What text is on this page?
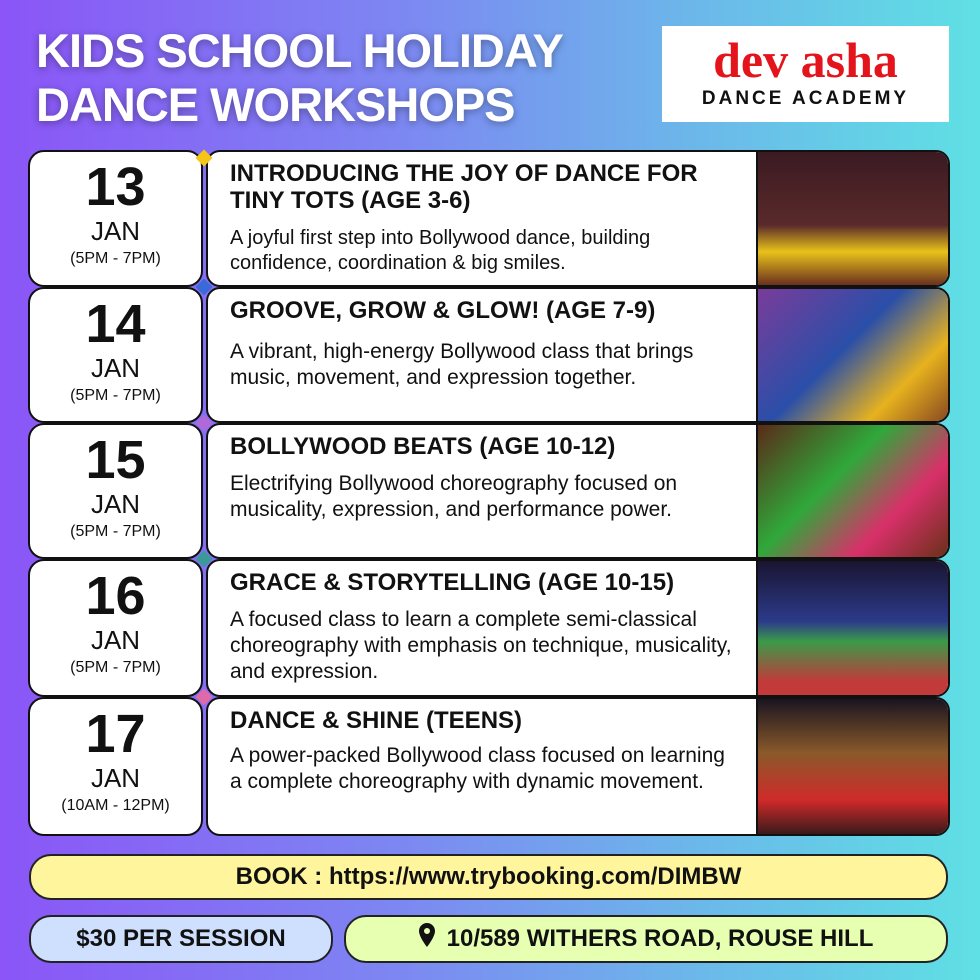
KIDS SCHOOL HOLIDAY
DANCE WORKSHOPS
dev asha
DANCE ACADEMY
13
JAN
(5PM - 7PM)
INTRODUCING THE JOY OF DANCE FOR TINY TOTS (AGE 3-6)

A joyful first step into Bollywood dance, building confidence, coordination & big smiles.

14
JAN
(5PM - 7PM)
GROOVE, GROW & GLOW! (AGE 7-9)

A vibrant, high-energy Bollywood class that brings music, movement, and expression together.

15
JAN
(5PM - 7PM)
BOLLYWOOD BEATS (AGE 10-12)

Electrifying Bollywood choreography focused on musicality, expression, and performance power.

16
JAN
(5PM - 7PM)
GRACE & STORYTELLING (AGE 10-15)

A focused class to learn a complete semi-classical choreography with emphasis on technique, musicality, and expression.

17
JAN
(10AM - 12PM)
DANCE & SHINE (TEENS)

A power-packed Bollywood class focused on learning a complete choreography with dynamic movement.

BOOK : https://www.trybooking.com/DIMBW
$30 PER SESSION	10/589 WITHERS ROAD, ROUSE HILL
